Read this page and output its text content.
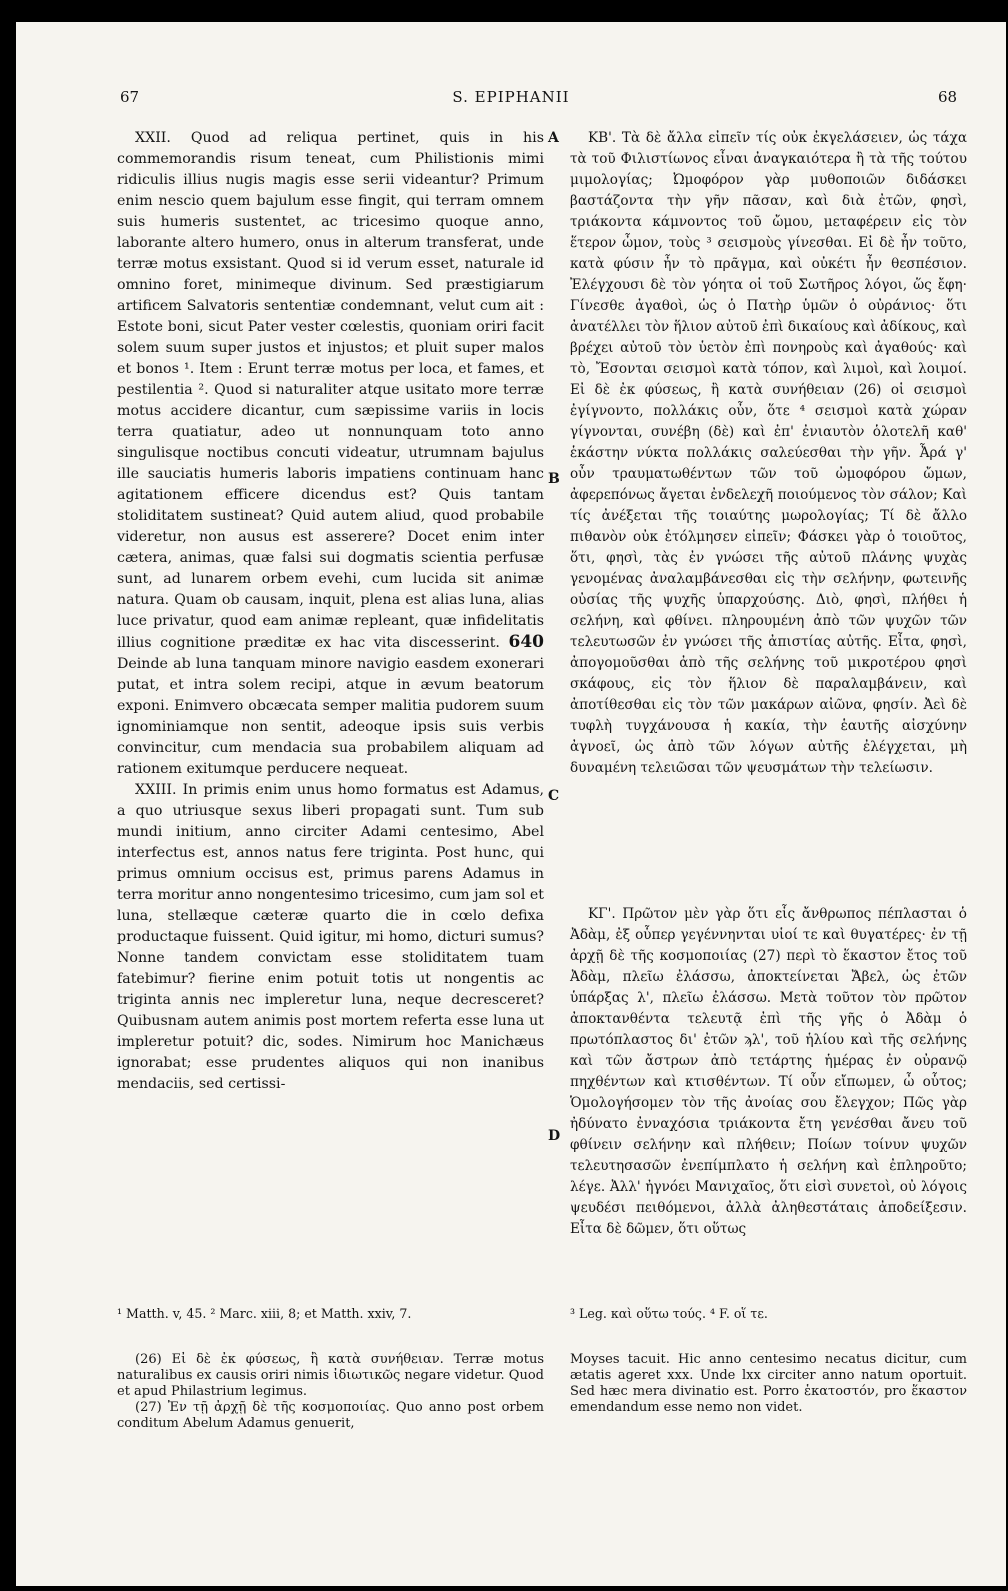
67	S. EPIPHANII	68
A
B
C
D

XXII. Quod ad reliqua pertinet, quis in his commemorandis risum teneat, cum Philistionis mimi ridiculis illius nugis magis esse serii videantur? Primum enim nescio quem bajulum esse fingit, qui terram omnem suis humeris sustentet, ac tricesimo quoque anno, laborante altero humero, onus in alterum transferat, unde terræ motus exsistant. Quod si id verum esset, naturale id omnino foret, minimeque divinum. Sed præstigiarum artificem Salvatoris sententiæ condemnant, velut cum ait : Estote boni, sicut Pater vester cœlestis, quoniam oriri facit solem suum super justos et injustos; et pluit super malos et bonos ¹. Item : Erunt terræ motus per loca, et fames, et pestilentia ². Quod si naturaliter atque usitato more terræ motus accidere dicantur, cum sæpissime variis in locis terra quatiatur, adeo ut nonnunquam toto anno singulisque noctibus concuti videatur, utrumnam bajulus ille sauciatis humeris laboris impatiens continuam hanc agitationem efficere dicendus est? Quis tantam stoliditatem sustineat? Quid autem aliud, quod probabile videretur, non ausus est asserere? Docet enim inter cætera, animas, quæ falsi sui dogmatis scientia perfusæ sunt, ad lunarem orbem evehi, cum lucida sit animæ natura. Quam ob causam, inquit, plena est alias luna, alias luce privatur, quod eam animæ repleant, quæ infidelitatis illius cognitione præditæ ex hac vita discesserint. 640 Deinde ab luna tanquam minore navigio easdem exonerari putat, et intra solem recipi, atque in ævum beatorum exponi. Enimvero obcæcata semper malitia pudorem suum ignominiamque non sentit, adeoque ipsis suis verbis convincitur, cum mendacia sua probabilem aliquam ad rationem exitumque perducere nequeat.

XXIII. In primis enim unus homo formatus est Adamus, a quo utriusque sexus liberi propagati sunt. Tum sub mundi initium, anno circiter Adami centesimo, Abel interfectus est, annos natus fere triginta. Post hunc, qui primus omnium occisus est, primus parens Adamus in terra moritur anno nongentesimo tricesimo, cum jam sol et luna, stellæque cæteræ quarto die in cœlo defixa productaque fuissent. Quid igitur, mi homo, dicturi sumus? Nonne tandem convictam esse stoliditatem tuam fatebimur? fierine enim potuit totis ut nongentis ac triginta annis nec impleretur luna, neque decresceret? Quibusnam autem animis post mortem referta esse luna ut impleretur potuit? dic, sodes. Nimirum hoc Manichæus ignorabat; esse prudentes aliquos qui non inanibus mendaciis, sed certissi-

ΚΒ'. Τὰ δὲ ἄλλα εἰπεῖν τίς οὐκ ἐκγελάσειεν, ὡς τάχα τὰ τοῦ Φιλιστίωνος εἶναι ἀναγκαιότερα ἢ τὰ τῆς τούτου μιμολογίας; Ὠμοφόρον γὰρ μυθοποιῶν διδάσκει βαστάζοντα τὴν γῆν πᾶσαν, καὶ διὰ ἐτῶν, φησὶ, τριάκοντα κάμνοντος τοῦ ὤμου, μεταφέρειν εἰς τὸν ἕτερον ὦμον, τοὺς ³ σεισμοὺς γίνεσθαι. Εἰ δὲ ἦν τοῦτο, κατὰ φύσιν ἦν τὸ πρᾶγμα, καὶ οὐκέτι ἦν θεσπέσιον. Ἐλέγχουσι δὲ τὸν γόητα οἱ τοῦ Σωτῆρος λόγοι, ὥς ἔφη· Γίνεσθε ἀγαθοὶ, ὡς ὁ Πατὴρ ὑμῶν ὁ οὐράνιος· ὅτι ἀνατέλλει τὸν ἥλιον αὐτοῦ ἐπὶ δικαίους καὶ ἀδίκους, καὶ βρέχει αὐτοῦ τὸν ὑετὸν ἐπὶ πονηροὺς καὶ ἀγαθούς· καὶ τὸ, Ἔσονται σεισμοὶ κατὰ τόπον, καὶ λιμοὶ, καὶ λοιμοί. Εἰ δὲ ἐκ φύσεως, ἢ κατὰ συνήθειαν (26) οἱ σεισμοὶ ἐγίγνοντο, πολλάκις οὖν, ὅτε ⁴ σεισμοὶ κατὰ χώραν γίγνονται, συνέβη (δὲ) καὶ ἐπ' ἐνιαυτὸν ὁλοτελῆ καθ' ἑκάστην νύκτα πολλάκις σαλεύεσθαι τὴν γῆν. Ἆρά γ' οὖν τραυματωθέντων τῶν τοῦ ὠμοφόρου ὤμων, ἀφερεπόνως ἄγεται ἐνδελεχῆ ποιούμενος τὸν σάλον; Καὶ τίς ἀνέξεται τῆς τοιαύτης μωρολογίας; Τί δὲ ἄλλο πιθανὸν οὐκ ἐτόλμησεν εἰπεῖν; Φάσκει γὰρ ὁ τοιοῦτος, ὅτι, φησὶ, τὰς ἐν γνώσει τῆς αὐτοῦ πλάνης ψυχὰς γενομένας ἀναλαμβάνεσθαι εἰς τὴν σελήνην, φωτεινῆς οὐσίας τῆς ψυχῆς ὑπαρχούσης. Διὸ, φησὶ, πλήθει ἡ σελήνη, καὶ φθίνει. πληρουμένη ἀπὸ τῶν ψυχῶν τῶν τελευτωσῶν ἐν γνώσει τῆς ἀπιστίας αὐτῆς. Εἶτα, φησὶ, ἀπογομοῦσθαι ἀπὸ τῆς σελήνης τοῦ μικροτέρου φησὶ σκάφους, εἰς τὸν ἥλιον δὲ παραλαμβάνειν, καὶ ἀποτίθεσθαι εἰς τὸν τῶν μακάρων αἰῶνα, φησίν. Ἀεὶ δὲ τυφλὴ τυγχάνουσα ἡ κακία, τὴν ἑαυτῆς αἰσχύνην ἀγνοεῖ, ὡς ἀπὸ τῶν λόγων αὐτῆς ἐλέγχεται, μὴ δυναμένη τελειῶσαι τῶν ψευσμάτων τὴν τελείωσιν.

ΚΓ'. Πρῶτον μὲν γὰρ ὅτι εἷς ἄνθρωπος πέπλασται ὁ Ἀδὰμ, ἐξ οὗπερ γεγέννηνται υἱοί τε καὶ θυγατέρες· ἐν τῇ ἀρχῇ δὲ τῆς κοσμοποιίας (27) περὶ τὸ ἕκαστον ἔτος τοῦ Ἀδὰμ, πλεῖω ἐλάσσω, ἀποκτείνεται Ἄβελ, ὡς ἐτῶν ὑπάρξας λ', πλεῖω ἐλάσσω. Μετὰ τοῦτον τὸν πρῶτον ἀποκτανθέντα τελευτᾷ ἐπὶ τῆς γῆς ὁ Ἀδὰμ ὁ πρωτόπλαστος δι' ἐτῶν ϡλ', τοῦ ἡλίου καὶ τῆς σελήνης καὶ τῶν ἄστρων ἀπὸ τετάρτης ἡμέρας ἐν οὐρανῷ πηχθέντων καὶ κτισθέντων. Τί οὖν εἴπωμεν, ὦ οὗτος; Ὁμολογήσομεν τὸν τῆς ἀνοίας σου ἔλεγχον; Πῶς γὰρ ἠδύνατο ἐνναχόσια τριάκοντα ἔτη γενέσθαι ἄνευ τοῦ φθίνειν σελήνην καὶ πλήθειν; Ποίων τοίνυν ψυχῶν τελευτησασῶν ἐνεπίμπλατο ἡ σελήνη καὶ ἐπληροῦτο; λέγε. Ἀλλ' ἠγνόει Μανιχαῖος, ὅτι εἰσὶ συνετοὶ, οὐ λόγοις ψευδέσι πειθόμενοι, ἀλλὰ ἀληθεστάταις ἀποδείξεσιν. Εἶτα δὲ δῶμεν, ὅτι οὕτως

¹ Matth. v, 45. ² Marc. xiii, 8; et Matth. xxiv, 7.	³ Leg. καὶ οὕτω τούς. ⁴ F. οἵ τε.

(26) Εἰ δὲ ἐκ φύσεως, ἢ κατὰ συνήθειαν. Terræ motus naturalibus ex causis oriri nimis ἰδιωτικῶς negare videtur. Quod et apud Philastrium legimus.

(27) Ἐν τῇ ἀρχῇ δὲ τῆς κοσμοποιίας. Quo anno post orbem conditum Abelum Adamus genuerit,

Moyses tacuit. Hic anno centesimo necatus dicitur, cum ætatis ageret xxx. Unde lxx circiter anno natum oportuit. Sed hæc mera divinatio est. Porro ἑκατοστόν, pro ἕκαστον emendandum esse nemo non videt.
